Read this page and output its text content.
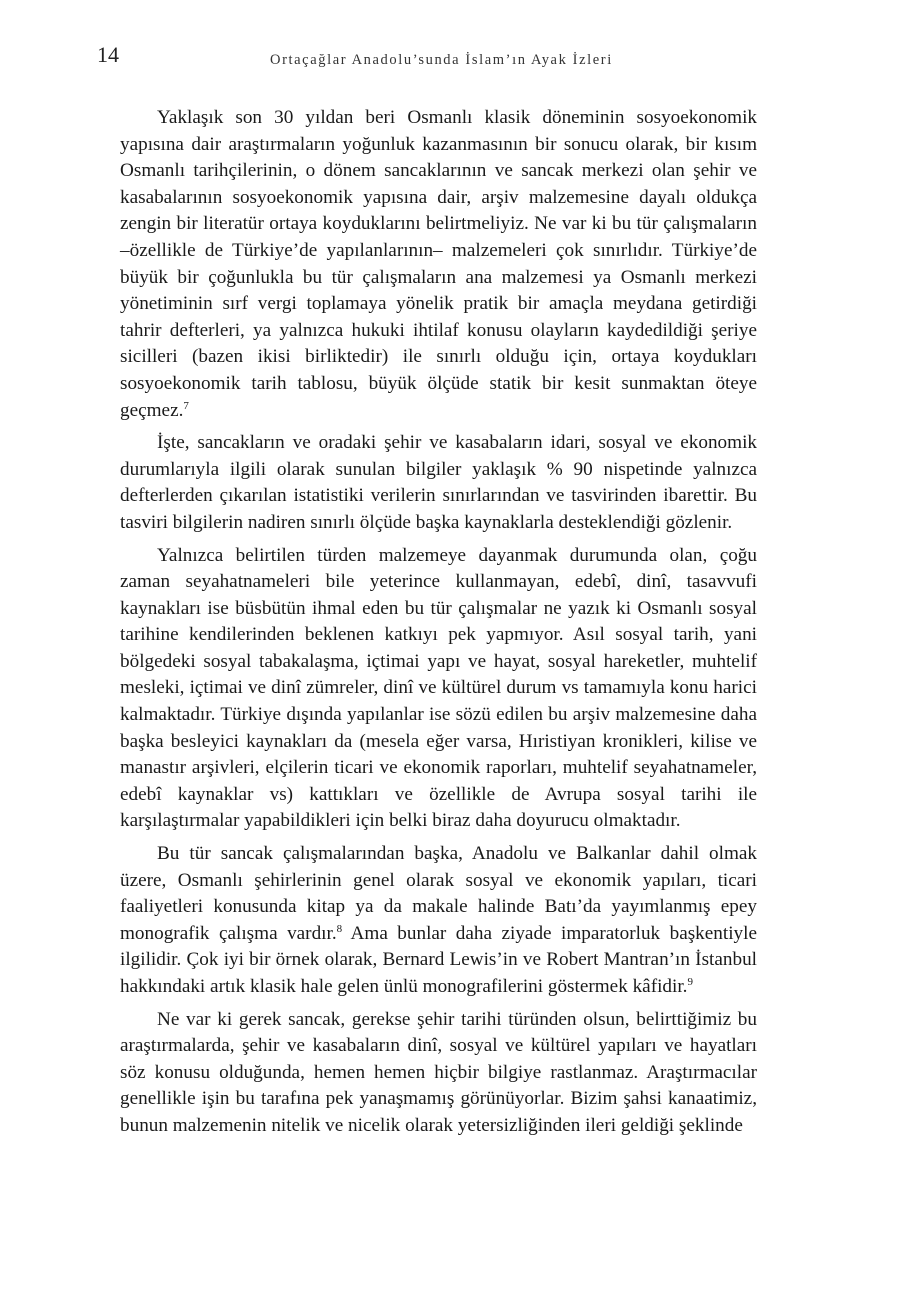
14	Ortaçağlar Anadolu’sunda İslam’ın Ayak İzleri

Yaklaşık son 30 yıldan beri Osmanlı klasik döneminin sosyoekonomik yapısına dair araştırmaların yoğunluk kazanmasının bir sonucu olarak, bir kısım Osmanlı tarihçilerinin, o dönem sancaklarının ve sancak merkezi olan şehir ve kasabalarının sosyoekonomik yapısına dair, arşiv malzemesine dayalı oldukça zengin bir literatür ortaya koyduklarını belirtmeliyiz. Ne var ki bu tür çalışmaların –özellikle de Türkiye’de yapılanlarının– malzemeleri çok sınırlıdır. Türkiye’de büyük bir çoğunlukla bu tür çalışmaların ana malzemesi ya Osmanlı merkezi yönetiminin sırf vergi toplamaya yönelik pratik bir amaçla meydana getirdiği tahrir defterleri, ya yalnızca hukuki ihtilaf konusu olayların kaydedildiği şeriye sicilleri (bazen ikisi birliktedir) ile sınırlı olduğu için, ortaya koydukları sosyoekonomik tarih tablosu, büyük ölçüde statik bir kesit sunmaktan öteye geçmez.$^7$

İşte, sancakların ve oradaki şehir ve kasabaların idari, sosyal ve ekonomik durumlarıyla ilgili olarak sunulan bilgiler yaklaşık % 90 nispetinde yalnızca defterlerden çıkarılan istatistiki verilerin sınırlarından ve tasvirinden ibarettir. Bu tasviri bilgilerin nadiren sınırlı ölçüde başka kaynaklarla desteklendiği gözlenir.

Yalnızca belirtilen türden malzemeye dayanmak durumunda olan, çoğu zaman seyahatnameleri bile yeterince kullanmayan, edebî, dinî, tasavvufi kaynakları ise büsbütün ihmal eden bu tür çalışmalar ne yazık ki Osmanlı sosyal tarihine kendilerinden beklenen katkıyı pek yapmıyor. Asıl sosyal tarih, yani bölgedeki sosyal tabakalaşma, içtimai yapı ve hayat, sosyal hareketler, muhtelif mesleki, içtimai ve dinî zümreler, dinî ve kültürel durum vs tamamıyla konu harici kalmaktadır. Türkiye dışında yapılanlar ise sözü edilen bu arşiv malzemesine daha başka besleyici kaynakları da (mesela eğer varsa, Hıristiyan kronikleri, kilise ve manastır arşivleri, elçilerin ticari ve ekonomik raporları, muhtelif seyahatnameler, edebî kaynaklar vs) kattıkları ve özellikle de Avrupa sosyal tarihi ile karşılaştırmalar yapabildikleri için belki biraz daha doyurucu olmaktadır.

Bu tür sancak çalışmalarından başka, Anadolu ve Balkanlar dahil olmak üzere, Osmanlı şehirlerinin genel olarak sosyal ve ekonomik yapıları, ticari faaliyetleri konusunda kitap ya da makale halinde Batı’da yayımlanmış epey monografik çalışma vardır.$^8$ Ama bunlar daha ziyade imparatorluk başkentiyle ilgilidir. Çok iyi bir örnek olarak, Bernard Lewis’in ve Robert Mantran’ın İstanbul hakkındaki artık klasik hale gelen ünlü monografilerini göstermek kâfidir.$^9$

Ne var ki gerek sancak, gerekse şehir tarihi türünden olsun, belirttiğimiz bu araştırmalarda, şehir ve kasabaların dinî, sosyal ve kültürel yapıları ve hayatları söz konusu olduğunda, hemen hemen hiçbir bilgiye rastlanmaz. Araştırmacılar genellikle işin bu tarafına pek yanaşmamış görünüyorlar. Bizim şahsi kanaatimiz, bunun malzemenin nitelik ve nicelik olarak yetersizliğinden ileri geldiği şeklinde
